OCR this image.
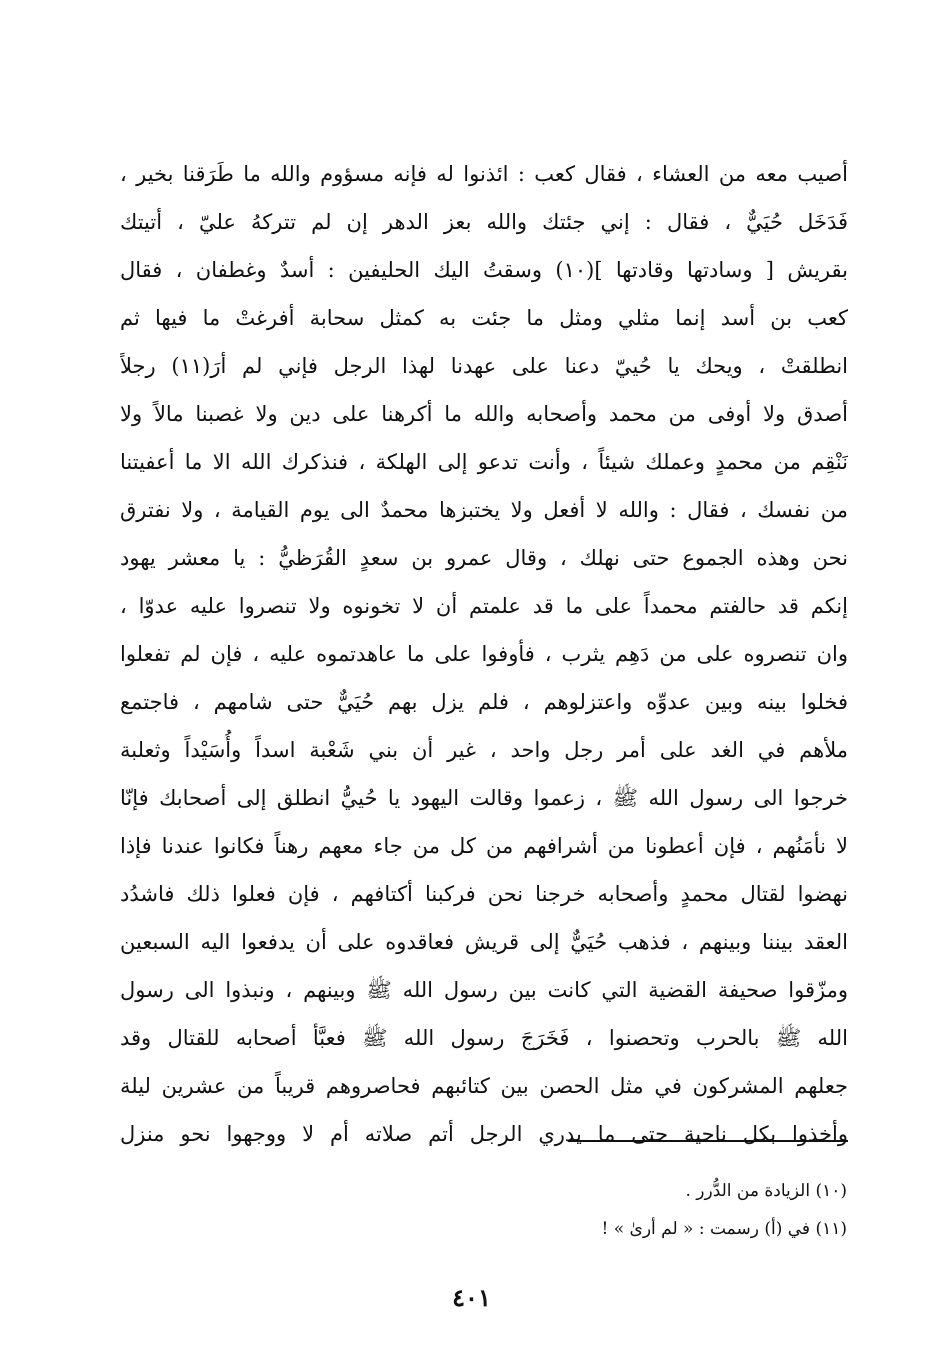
أصيب معه من العشاء ، فقال كعب : ائذنوا له فإنه مسؤوم والله ما طَرَقنا بخير ،
فَدَخَل حُيَيٌّ ، فقال : إني جئتك والله بعز الدهر إن لم تتركهُ عليّ ، أتيتك
بقريش [ وسادتها وقادتها ](١٠) وسقتُ اليك الحليفين : أسدٌ وغطفان ، فقال
كعب بن أسد إنما مثلي ومثل ما جئت به كمثل سحابة أفرغتْ ما فيها ثم
انطلقتْ ، ويحك يا حُييّ دعنا على عهدنا لهذا الرجل فإني لم أرَ(١١) رجلاً
أصدق ولا أوفى من محمد وأصحابه والله ما أكرهنا على دين ولا غصبنا مالاً ولا
نَنْقِم من محمدٍ وعملك شيئاً ، وأنت تدعو إلى الهلكة ، فنذكرك الله الا ما أعفيتنا
من نفسك ، فقال : والله لا أفعل ولا يختبزها محمدٌ الى يوم القيامة ، ولا نفترق
نحن وهذه الجموع حتى نهلك ، وقال عمرو بن سعدٍ القُرَظيُّ : يا معشر يهود
إنكم قد حالفتم محمداً على ما قد علمتم أن لا تخونوه ولا تنصروا عليه عدوّا ،
وان تنصروه على من دَهِم يثرب ، فأوفوا على ما عاهدتموه عليه ، فإن لم تفعلوا
فخلوا بينه وبين عدوِّه واعتزلوهم ، فلم يزل بهم حُيَيٌّ حتى شامهم ، فاجتمع
ملأهم في الغد على أمر رجل واحد ، غير أن بني شَعْبة اسداً وأُسَيْداً وثعلبة
خرجوا الى رسول الله ﷺ ، زعموا وقالت اليهود يا حُييُّ انطلق إلى أصحابك فإنّا
لا نأمَنُهم ، فإن أعطونا من أشرافهم من كل من جاء معهم رهناً فكانوا عندنا فإذا
نهضوا لقتال محمدٍ وأصحابه خرجنا نحن فركبنا أكتافهم ، فإن فعلوا ذلك فاشدُد
العقد بيننا وبينهم ، فذهب حُيَيٌّ إلى قريش فعاقدوه على أن يدفعوا اليه السبعين
ومزّقوا صحيفة القضية التي كانت بين رسول الله ﷺ وبينهم ، ونبذوا الى رسول
الله ﷺ بالحرب وتحصنوا ، فَخَرَجَ رسول الله ﷺ فعبَّأ أصحابه للقتال وقد
جعلهم المشركون في مثل الحصن بين كتائبهم فحاصروهم قريباً من عشرين ليلة
وأخذوا بكل ناحية حتى ما يدري الرجل أتم صلاته أم لا ووجهوا نحو منزل
(١٠) الزيادة من الدُّرر .
(١١) في (أ) رسمت : « لم أرىٰ » !
٤٠١
